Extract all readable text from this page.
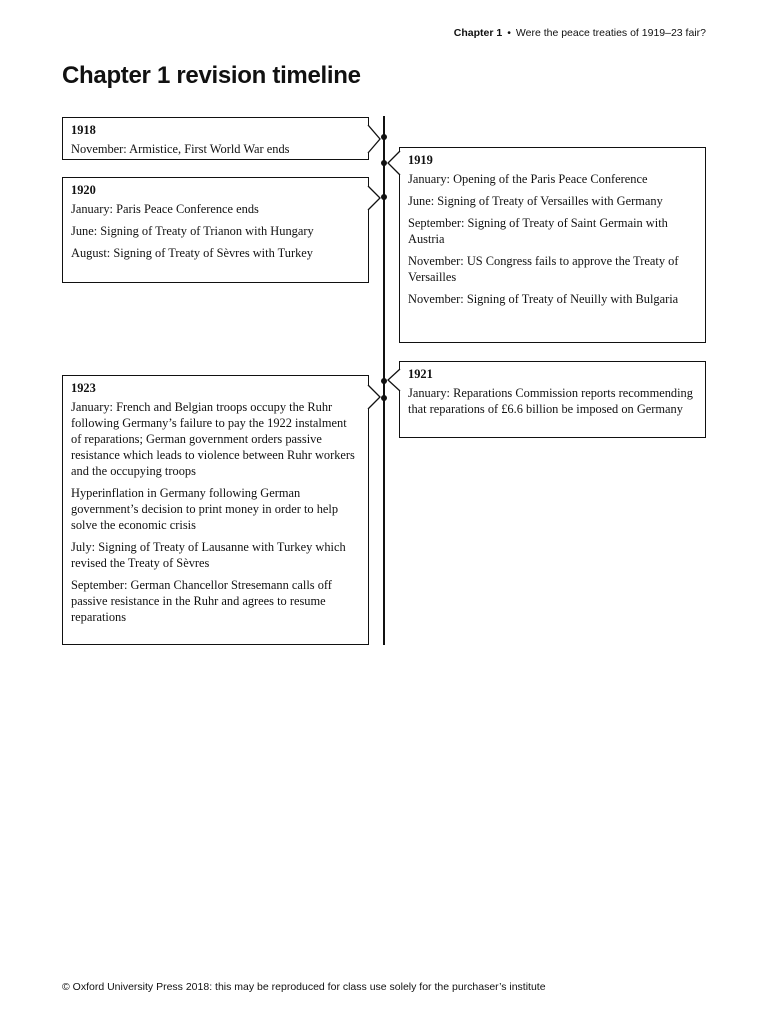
Chapter 1 • Were the peace treaties of 1919–23 fair?
Chapter 1 revision timeline
1918
November: Armistice, First World War ends
1920
January: Paris Peace Conference ends
June: Signing of Treaty of Trianon with Hungary
August: Signing of Treaty of Sèvres with Turkey
1923
January: French and Belgian troops occupy the Ruhr following Germany’s failure to pay the 1922 instalment of reparations; German government orders passive resistance which leads to violence between Ruhr workers and the occupying troops
Hyperinflation in Germany following German government’s decision to print money in order to help solve the economic crisis
July: Signing of Treaty of Lausanne with Turkey which revised the Treaty of Sèvres
September: German Chancellor Stresemann calls off passive resistance in the Ruhr and agrees to resume reparations
1919
January: Opening of the Paris Peace Conference
June: Signing of Treaty of Versailles with Germany
September: Signing of Treaty of Saint Germain with Austria
November: US Congress fails to approve the Treaty of Versailles
November: Signing of Treaty of Neuilly with Bulgaria
1921
January: Reparations Commission reports recommending that reparations of £6.6 billion be imposed on Germany
© Oxford University Press 2018: this may be reproduced for class use solely for the purchaser’s institute
